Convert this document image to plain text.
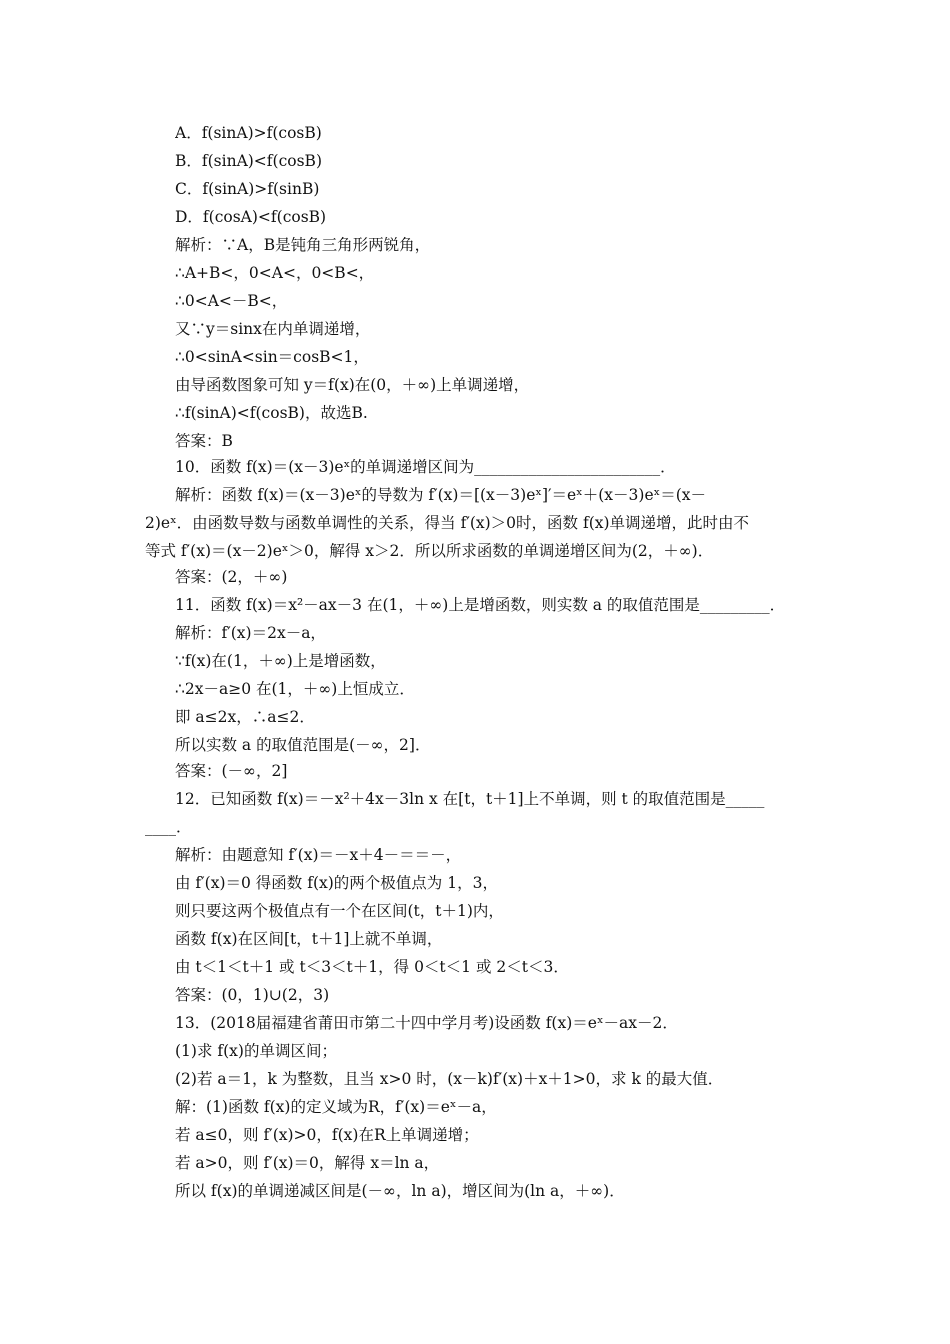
A．f(sinA)>f(cosB)
B．f(sinA)<f(cosB)
C．f(sinA)>f(sinB)
D．f(cosA)<f(cosB)
解析：∵A，B是钝角三角形两锐角，
∴A+B<，0<A<，0<B<，
∴0<A<－B<，
又∵y＝sinx在内单调递增，
∴0<sinA<sin＝cosB<1，
由导函数图象可知 y＝f(x)在(0，＋∞)上单调递增，
∴f(sinA)<f(cosB)，故选B.
答案：B
10．函数 f(x)＝(x－3)eˣ的单调递增区间为________________________．
解析：函数 f(x)＝(x－3)eˣ的导数为 f′(x)＝[(x－3)eˣ]′＝eˣ＋(x－3)eˣ＝(x－
2)eˣ．由函数导数与函数单调性的关系，得当 f′(x)＞0时，函数 f(x)单调递增，此时由不
等式 f′(x)＝(x－2)eˣ＞0，解得 x＞2．所以所求函数的单调递增区间为(2，＋∞)．
答案：(2，＋∞)
11．函数 f(x)＝x²－ax－3 在(1，＋∞)上是增函数，则实数 a 的取值范围是_________．
解析：f′(x)＝2x－a，
∵f(x)在(1，＋∞)上是增函数，
∴2x－a≥0 在(1，＋∞)上恒成立．
即 a≤2x，∴a≤2．
所以实数 a 的取值范围是(－∞，2]．
答案：(－∞，2]
12．已知函数 f(x)＝－x²＋4x－3ln x 在[t，t＋1]上不单调，则 t 的取值范围是_____
____．
解析：由题意知 f′(x)＝－x＋4－＝＝－，
由 f′(x)＝0 得函数 f(x)的两个极值点为 1，3，
则只要这两个极值点有一个在区间(t，t＋1)内，
函数 f(x)在区间[t，t＋1]上就不单调，
由 t＜1＜t＋1 或 t＜3＜t＋1，得 0＜t＜1 或 2＜t＜3．
答案：(0，1)∪(2，3)
13．(2018届福建省莆田市第二十四中学月考)设函数 f(x)＝eˣ－ax－2．
(1)求 f(x)的单调区间；
(2)若 a＝1，k 为整数，且当 x>0 时，(x－k)f′(x)＋x＋1>0，求 k 的最大值．
解：(1)函数 f(x)的定义域为R，f′(x)＝eˣ－a，
若 a≤0，则 f′(x)>0，f(x)在R上单调递增；
若 a>0，则 f′(x)＝0，解得 x＝ln a，
所以 f(x)的单调递减区间是(－∞，ln a)，增区间为(ln a，＋∞)．
